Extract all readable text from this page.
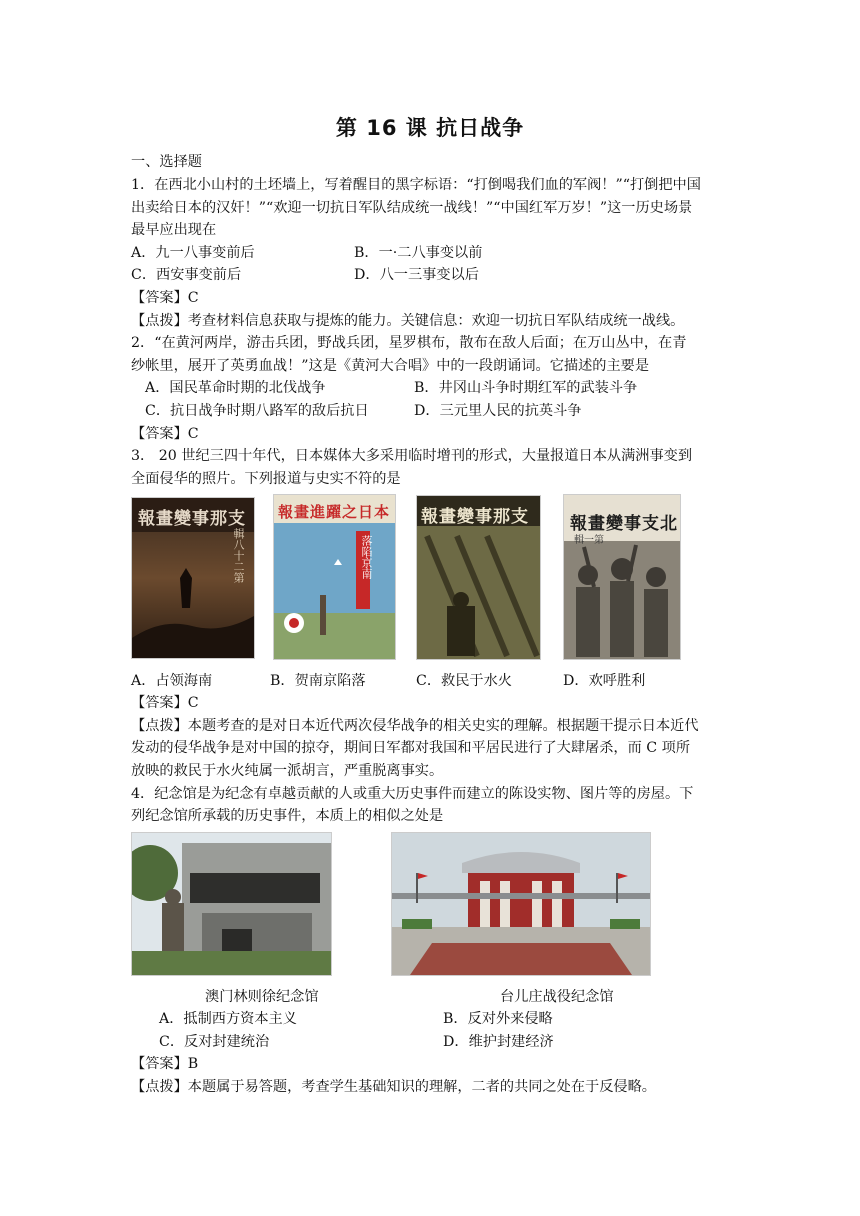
第 16 课 抗日战争
一、选择题
1．在西北小山村的土坯墙上，写着醒目的黑字标语：“打倒喝我们血的军阀！”“打倒把中国
出卖给日本的汉奸！”“欢迎一切抗日军队结成统一战线！”“中国红军万岁！”这一历史场景
最早应出现在
A．九一八事变前后	B．一·二八事变以前
C．西安事变前后	D．八一三事变以后
【答案】C
【点拨】考查材料信息获取与提炼的能力。关键信息：欢迎一切抗日军队结成统一战线。
2．“在黄河两岸，游击兵团，野战兵团，星罗棋布，散布在敌人后面；在万山丛中，在青
纱帐里，展开了英勇血战！”这是《黄河大合唱》中的一段朗诵词。它描述的主要是
A．国民革命时期的北伐战争	B．井冈山斗争时期红军的武装斗争
C．抗日战争时期八路军的敌后抗日	D．三元里人民的抗英斗争
【答案】C
3． 20 世纪三四十年代，日本媒体大多采用临时增刊的形式，大量报道日本从满洲事变到
全面侵华的照片。下列报道与史实不符的是
報畫變事那支
輯八十二第
報畫進躍之日本
落陷京南
報畫變事那支 報畫變事支北
輯一第
A．占领海南	B．贺南京陷落	C．救民于水火	D．欢呼胜利
【答案】C
【点拨】本题考查的是对日本近代两次侵华战争的相关史实的理解。根据题干提示日本近代
发动的侵华战争是对中国的掠夺，期间日军都对我国和平居民进行了大肆屠杀，而 C 项所
放映的救民于水火纯属一派胡言，严重脱离事实。
4．纪念馆是为纪念有卓越贡献的人或重大历史事件而建立的陈设实物、图片等的房屋。下
列纪念馆所承载的历史事件，本质上的相似之处是
澳门林则徐纪念馆	台儿庄战役纪念馆
A．抵制西方资本主义	B．反对外来侵略
C．反对封建统治	D．维护封建经济
【答案】B
【点拨】本题属于易答题，考查学生基础知识的理解，二者的共同之处在于反侵略。
